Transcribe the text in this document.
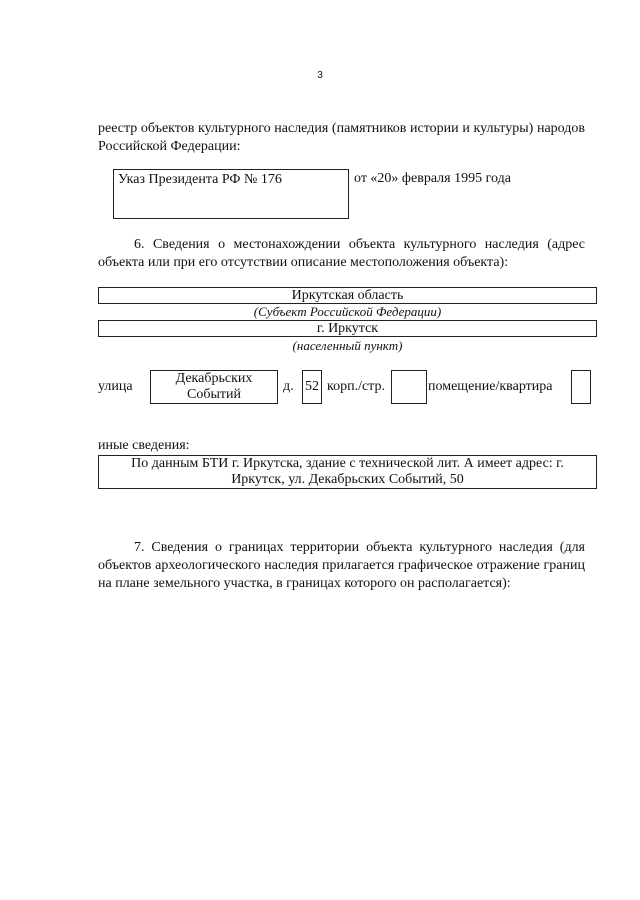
3
реестр объектов культурного наследия (памятников истории и культуры) народов Российской Федерации:
Указ Президента РФ № 176	от «20» февраля 1995 года
6. Сведения о местонахождении объекта культурного наследия (адрес объекта или при его отсутствии описание местоположения объекта):
Иркутская область
(Субъект Российской Федерации)
г. Иркутск
(населенный пункт)
улица
Декабрьских Событий
д. 52 корп./стр.	помещение/квартира
иные сведения:
По данным БТИ г. Иркутска, здание с технической лит. А имеет адрес: г. Иркутск, ул. Декабрьских Событий, 50
7. Сведения о границах территории объекта культурного наследия (для объектов археологического наследия прилагается графическое отражение границ на плане земельного участка, в границах которого он располагается):
